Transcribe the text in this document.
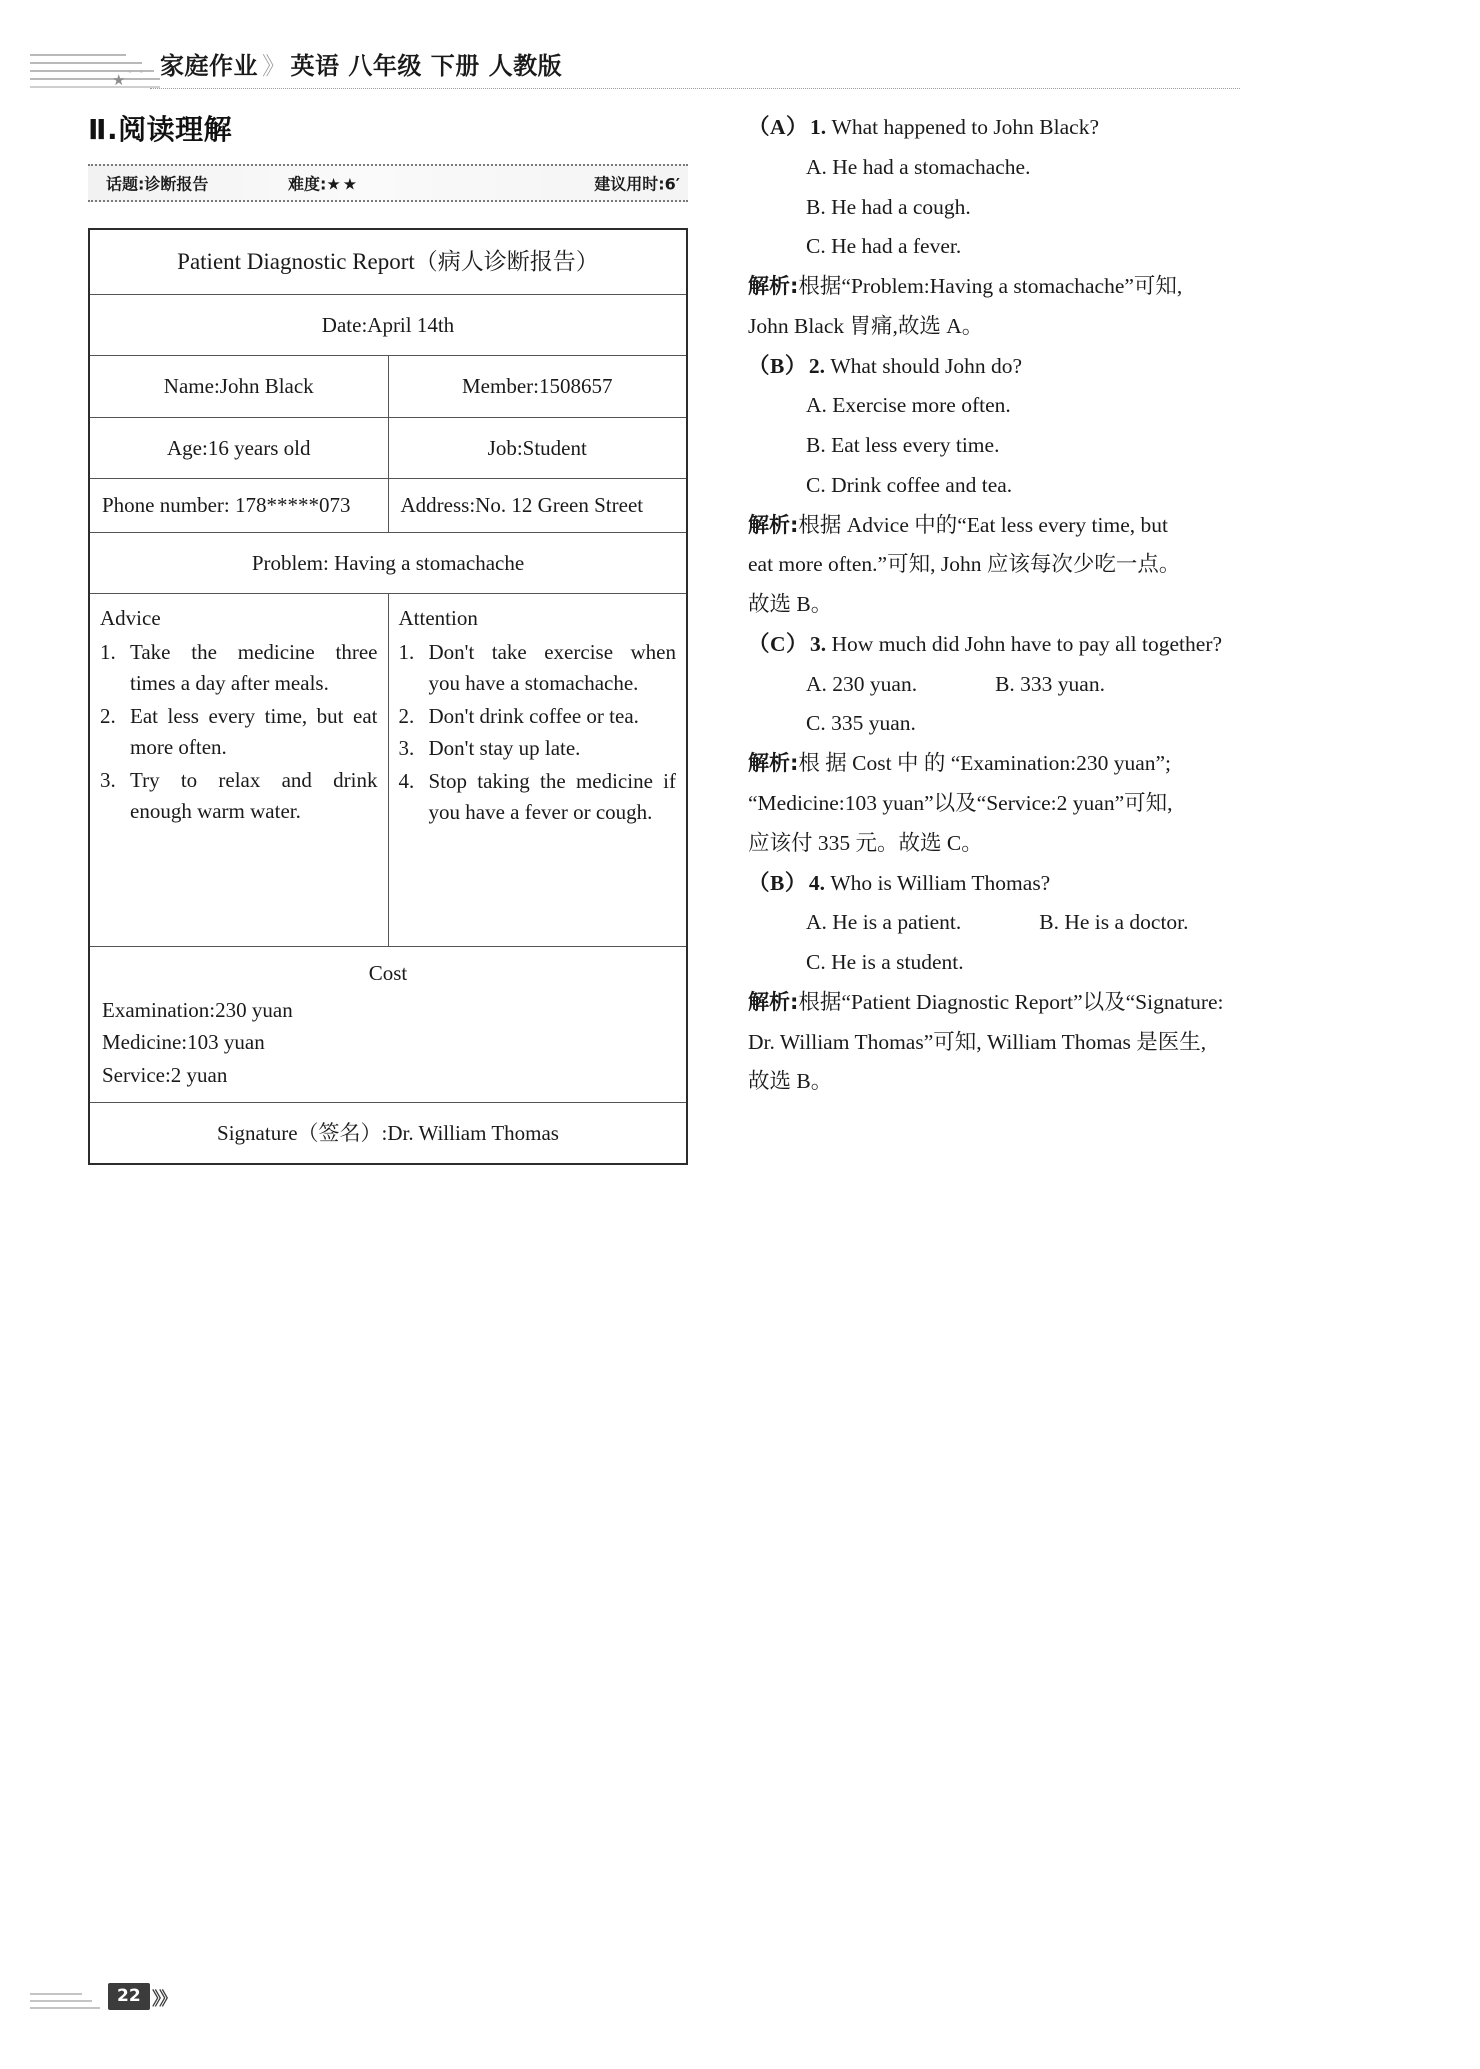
★
◦ ◦ 家庭作业 》 英语 八年级 下册 人教版
Ⅱ.阅读理解
话题:诊断报告	难度:★★	建议用时:6′
Patient Diagnostic Report（病人诊断报告）	
Date:April 14th	
Name:John Black	Member:1508657
Age:16 years old	Job:Student
Phone number: 178*****073	Address:No. 12 Green Street
Problem: Having a stomachache	

Advice
1. Take the medicine three times a day after meals.
2. Eat less every time, but eat more often.
3. Try to relax and drink enough warm water.

Attention
1. Don't take exercise when you have a stomachache.
2. Don't drink coffee or tea.
3. Don't stay up late.
4. Stop taking the medicine if you have a fever or cough.

Cost
Examination:230 yuan
Medicine:103 yuan
Service:2 yuan	

Signature（签名）:Dr. William Thomas	
（A）1. What happened to John Black?
A. He had a stomachache.
B. He had a cough.
C. He had a fever.
解析:根据“Problem:Having a stomachache”可知,
John Black 胃痛,故选 A。
（B）2. What should John do?
A. Exercise more often.
B. Eat less every time.
C. Drink coffee and tea.
解析:根据 Advice 中的“Eat less every time, but
eat more often.”可知, John 应该每次少吃一点。
故选 B。
（C）3. How much did John have to pay all together?
A. 230 yuan.	B. 333 yuan.
C. 335 yuan.
解析:根 据 Cost 中 的 “Examination:230 yuan”;
“Medicine:103 yuan”以及“Service:2 yuan”可知,
应该付 335 元。故选 C。
（B）4. Who is William Thomas?
A. He is a patient.	B. He is a doctor.
C. He is a student.
解析:根据“Patient Diagnostic Report”以及“Signature:
Dr. William Thomas”可知, William Thomas 是医生,
故选 B。
22 》》
